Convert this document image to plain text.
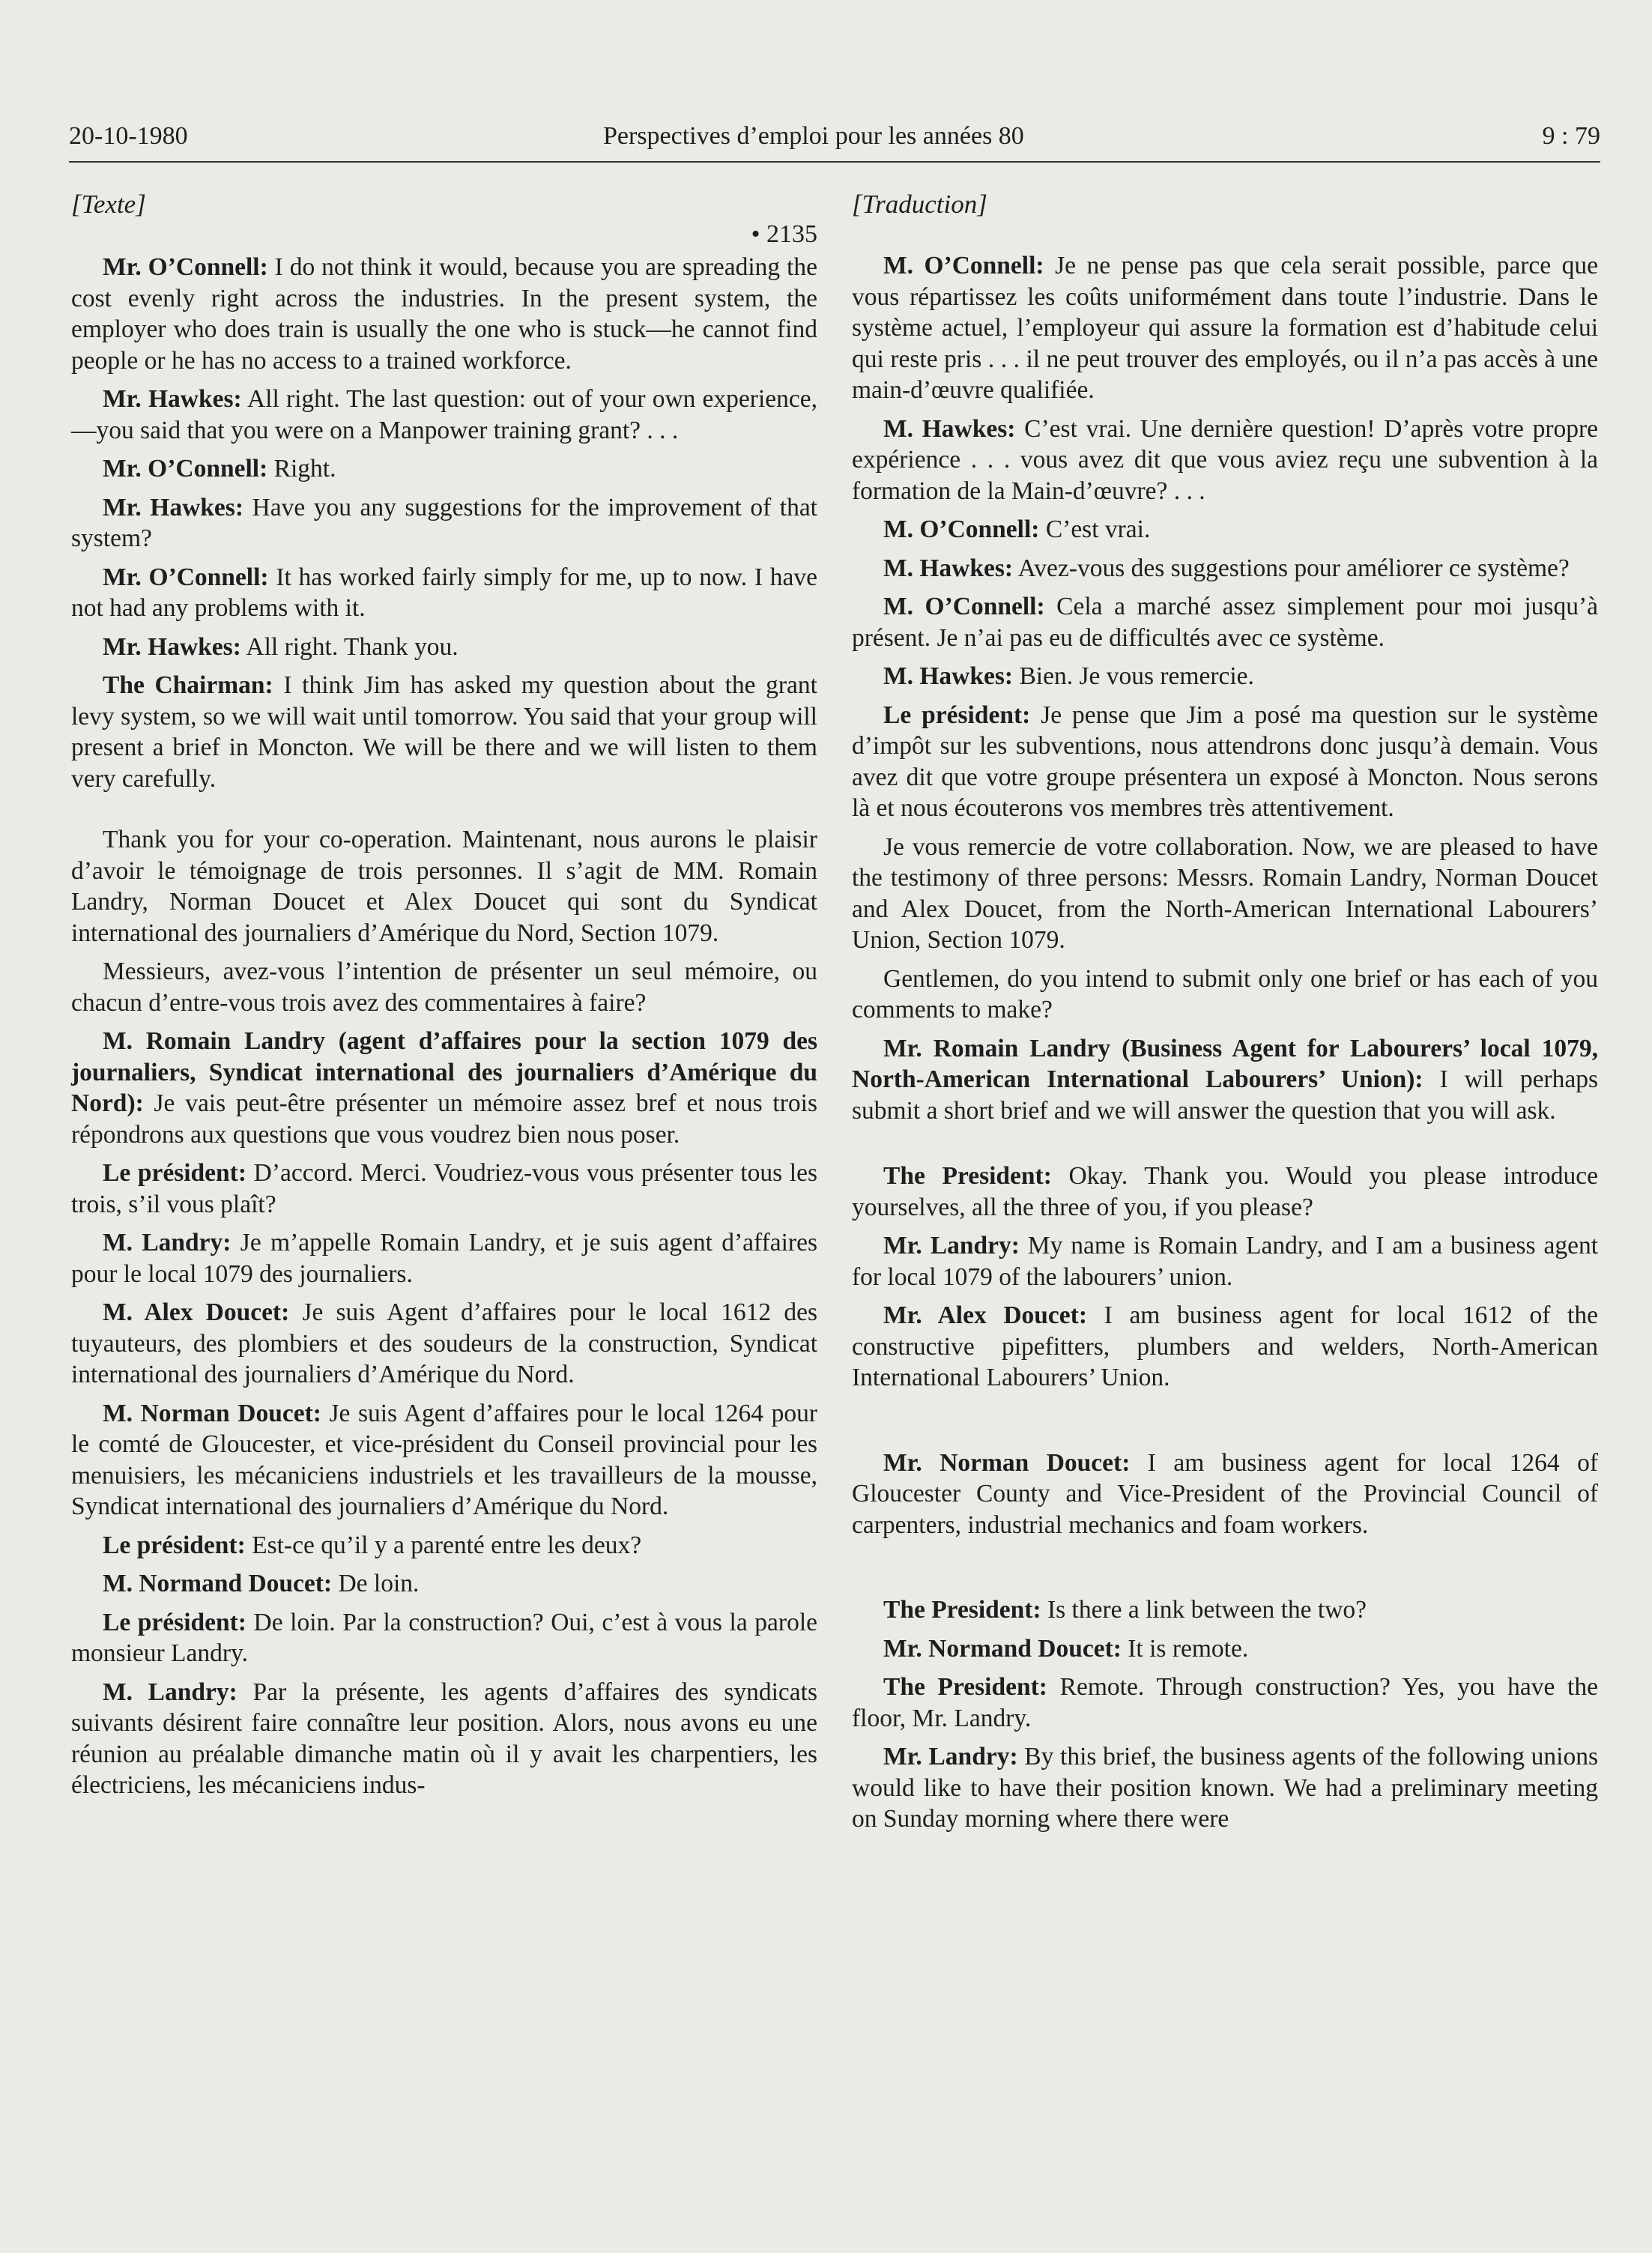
20-10-1980	Perspectives d’emploi pour les années 80	9 : 79

[Texte]

• 2135

Mr. O’Connell: I do not think it would, because you are spreading the cost evenly right across the industries. In the present system, the employer who does train is usually the one who is stuck—he cannot find people or he has no access to a trained workforce.

Mr. Hawkes: All right. The last question: out of your own experience,—you said that you were on a Manpower training grant? . . .

Mr. O’Connell: Right.

Mr. Hawkes: Have you any suggestions for the improvement of that system?

Mr. O’Connell: It has worked fairly simply for me, up to now. I have not had any problems with it.

Mr. Hawkes: All right. Thank you.

The Chairman: I think Jim has asked my question about the grant levy system, so we will wait until tomorrow. You said that your group will present a brief in Moncton. We will be there and we will listen to them very carefully.

Thank you for your co-operation. Maintenant, nous aurons le plaisir d’avoir le témoignage de trois personnes. Il s’agit de MM. Romain Landry, Norman Doucet et Alex Doucet qui sont du Syndicat international des journaliers d’Amérique du Nord, Section 1079.

Messieurs, avez-vous l’intention de présenter un seul mémoire, ou chacun d’entre-vous trois avez des commentaires à faire?

M. Romain Landry (agent d’affaires pour la section 1079 des journaliers, Syndicat international des journaliers d’Amérique du Nord): Je vais peut-être présenter un mémoire assez bref et nous trois répondrons aux questions que vous voudrez bien nous poser.

Le président: D’accord. Merci. Voudriez-vous vous présenter tous les trois, s’il vous plaît?

M. Landry: Je m’appelle Romain Landry, et je suis agent d’affaires pour le local 1079 des journaliers.

M. Alex Doucet: Je suis Agent d’affaires pour le local 1612 des tuyauteurs, des plombiers et des soudeurs de la construction, Syndicat international des journaliers d’Amérique du Nord.

M. Norman Doucet: Je suis Agent d’affaires pour le local 1264 pour le comté de Gloucester, et vice-président du Conseil provincial pour les menuisiers, les mécaniciens industriels et les travailleurs de la mousse, Syndicat international des journaliers d’Amérique du Nord.

Le président: Est-ce qu’il y a parenté entre les deux?

M. Normand Doucet: De loin.

Le président: De loin. Par la construction? Oui, c’est à vous la parole monsieur Landry.

M. Landry: Par la présente, les agents d’affaires des syndicats suivants désirent faire connaître leur position. Alors, nous avons eu une réunion au préalable dimanche matin où il y avait les charpentiers, les électriciens, les mécaniciens indus-

[Traduction]

M. O’Connell: Je ne pense pas que cela serait possible, parce que vous répartissez les coûts uniformément dans toute l’industrie. Dans le système actuel, l’employeur qui assure la formation est d’habitude celui qui reste pris . . . il ne peut trouver des employés, ou il n’a pas accès à une main-d’œuvre qualifiée.

M. Hawkes: C’est vrai. Une dernière question! D’après votre propre expérience . . . vous avez dit que vous aviez reçu une subvention à la formation de la Main-d’œuvre? . . .

M. O’Connell: C’est vrai.

M. Hawkes: Avez-vous des suggestions pour améliorer ce système?

M. O’Connell: Cela a marché assez simplement pour moi jusqu’à présent. Je n’ai pas eu de difficultés avec ce système.

M. Hawkes: Bien. Je vous remercie.

Le président: Je pense que Jim a posé ma question sur le système d’impôt sur les subventions, nous attendrons donc jusqu’à demain. Vous avez dit que votre groupe présentera un exposé à Moncton. Nous serons là et nous écouterons vos membres très attentivement.

Je vous remercie de votre collaboration. Now, we are pleased to have the testimony of three persons: Messrs. Romain Landry, Norman Doucet and Alex Doucet, from the North-American International Labourers’ Union, Section 1079.

Gentlemen, do you intend to submit only one brief or has each of you comments to make?

Mr. Romain Landry (Business Agent for Labourers’ local 1079, North-American International Labourers’ Union): I will perhaps submit a short brief and we will answer the question that you will ask.

The President: Okay. Thank you. Would you please introduce yourselves, all the three of you, if you please?

Mr. Landry: My name is Romain Landry, and I am a business agent for local 1079 of the labourers’ union.

Mr. Alex Doucet: I am business agent for local 1612 of the constructive pipefitters, plumbers and welders, North-American International Labourers’ Union.

Mr. Norman Doucet: I am business agent for local 1264 of Gloucester County and Vice-President of the Provincial Council of carpenters, industrial mechanics and foam workers.

The President: Is there a link between the two?

Mr. Normand Doucet: It is remote.

The President: Remote. Through construction? Yes, you have the floor, Mr. Landry.

Mr. Landry: By this brief, the business agents of the following unions would like to have their position known. We had a preliminary meeting on Sunday morning where there were
